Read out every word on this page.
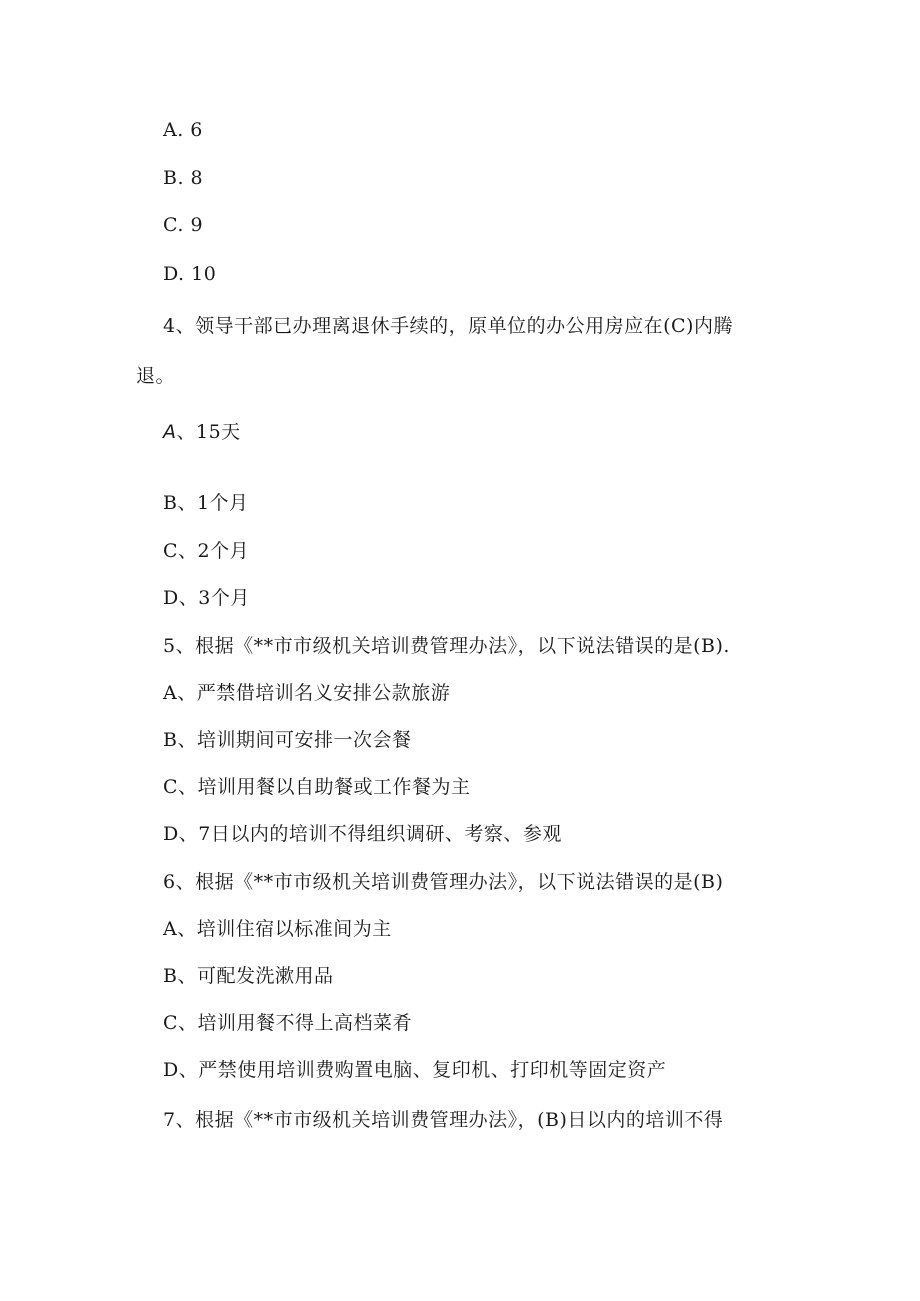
A. 6
B. 8
C. 9
D. 10
4、领导干部已办理离退休手续的，原单位的办公用房应在(C)内腾
退。
A、15天
B、1个月
C、2个月
D、3个月
5、根据《**市市级机关培训费管理办法》，以下说法错误的是(B).
A、严禁借培训名义安排公款旅游
B、培训期间可安排一次会餐
C、培训用餐以自助餐或工作餐为主
D、7日以内的培训不得组织调研、考察、参观
6、根据《**市市级机关培训费管理办法》，以下说法错误的是(B)
A、培训住宿以标准间为主
B、可配发洗漱用品
C、培训用餐不得上高档菜肴
D、严禁使用培训费购置电脑、复印机、打印机等固定资产
7、根据《**市市级机关培训费管理办法》，(B)日以内的培训不得
